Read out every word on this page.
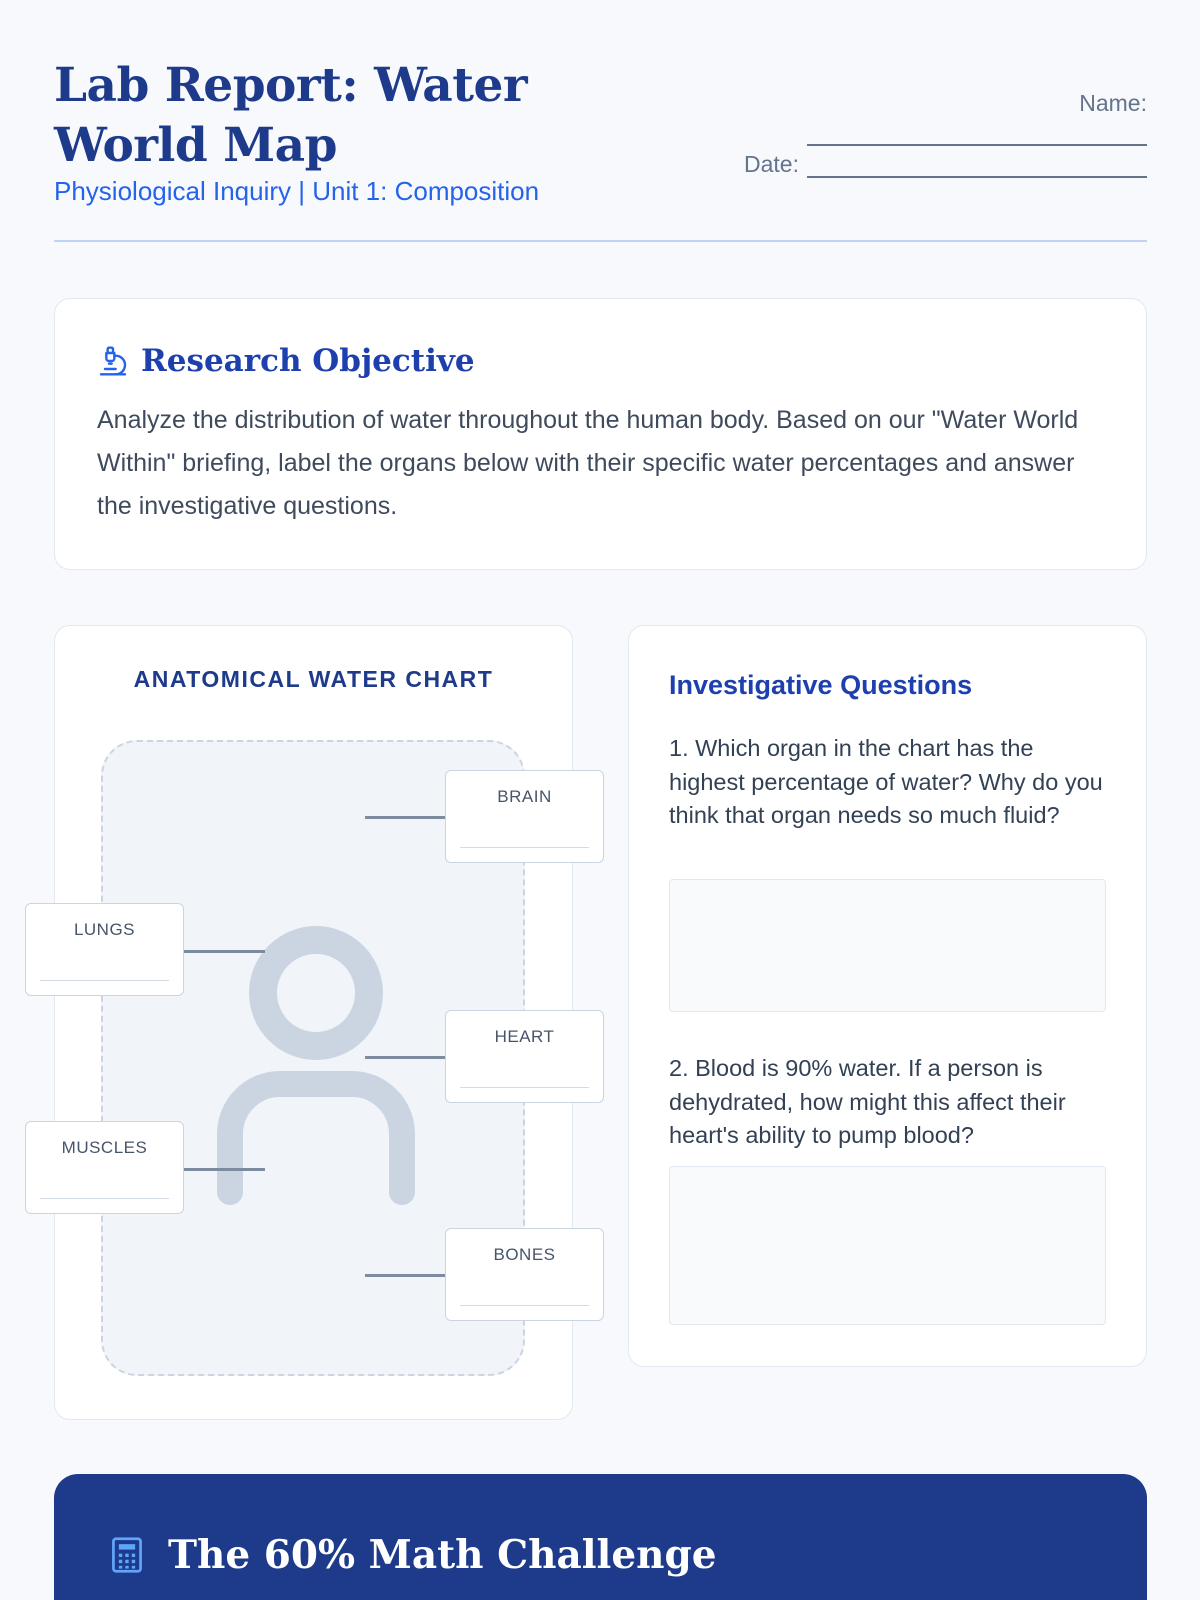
Lab Report: Water World Map
Physiological Inquiry | Unit 1: Composition
Name:
Date:
Research Objective

Analyze the distribution of water throughout the human body. Based on our "Water World Within" briefing, label the organs below with their specific water percentages and answer the investigative questions.

ANATOMICAL WATER CHART
BRAIN
LUNGS
HEART
MUSCLES
BONES
Investigative Questions

1. Which organ in the chart has the highest percentage of water? Why do you think that organ needs so much fluid?

2. Blood is 90% water. If a person is dehydrated, how might this affect their heart's ability to pump blood?

The 60% Math Challenge
